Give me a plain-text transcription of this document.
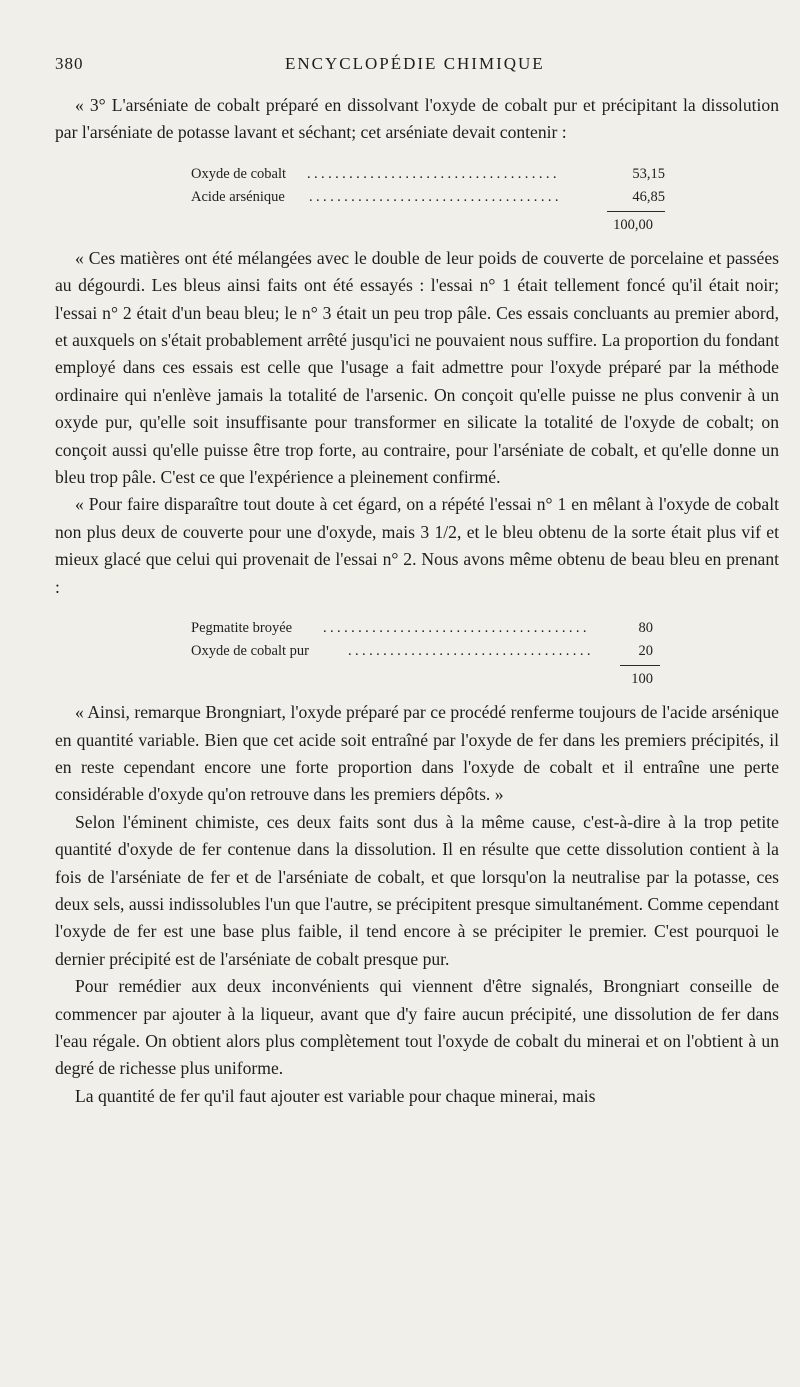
380	ENCYCLOPÉDIE CHIMIQUE

« 3° L'arséniate de cobalt préparé en dissolvant l'oxyde de cobalt pur et précipitant la dissolution par l'arséniate de potasse lavant et séchant; cet arséniate devait contenir :

Oxyde de cobalt ....................................	53,15
Acide arsénique ....................................	46,85
100,00

« Ces matières ont été mélangées avec le double de leur poids de couverte de porcelaine et passées au dégourdi. Les bleus ainsi faits ont été essayés : l'essai n° 1 était tellement foncé qu'il était noir; l'essai n° 2 était d'un beau bleu; le n° 3 était un peu trop pâle. Ces essais concluants au premier abord, et auxquels on s'était probablement arrêté jusqu'ici ne pouvaient nous suffire. La proportion du fondant employé dans ces essais est celle que l'usage a fait admettre pour l'oxyde préparé par la méthode ordinaire qui n'enlève jamais la totalité de l'arsenic. On conçoit qu'elle puisse ne plus convenir à un oxyde pur, qu'elle soit insuffisante pour transformer en silicate la totalité de l'oxyde de cobalt; on conçoit aussi qu'elle puisse être trop forte, au contraire, pour l'arséniate de cobalt, et qu'elle donne un bleu trop pâle. C'est ce que l'expérience a pleinement confirmé.

« Pour faire disparaître tout doute à cet égard, on a répété l'essai n° 1 en mêlant à l'oxyde de cobalt non plus deux de couverte pour une d'oxyde, mais 3 1/2, et le bleu obtenu de la sorte était plus vif et mieux glacé que celui qui provenait de l'essai n° 2. Nous avons même obtenu de beau bleu en prenant :

Pegmatite broyée ......................................	80
Oxyde de cobalt pur	...................................	20
100

« Ainsi, remarque Brongniart, l'oxyde préparé par ce procédé renferme toujours de l'acide arsénique en quantité variable. Bien que cet acide soit entraîné par l'oxyde de fer dans les premiers précipités, il en reste cependant encore une forte proportion dans l'oxyde de cobalt et il entraîne une perte considérable d'oxyde qu'on retrouve dans les premiers dépôts. »

Selon l'éminent chimiste, ces deux faits sont dus à la même cause, c'est-à-dire à la trop petite quantité d'oxyde de fer contenue dans la dissolution. Il en résulte que cette dissolution contient à la fois de l'arséniate de fer et de l'arséniate de cobalt, et que lorsqu'on la neutralise par la potasse, ces deux sels, aussi indissolubles l'un que l'autre, se précipitent presque simultanément. Comme cependant l'oxyde de fer est une base plus faible, il tend encore à se précipiter le premier. C'est pourquoi le dernier précipité est de l'arséniate de cobalt presque pur.

Pour remédier aux deux inconvénients qui viennent d'être signalés, Brongniart conseille de commencer par ajouter à la liqueur, avant que d'y faire aucun précipité, une dissolution de fer dans l'eau régale. On obtient alors plus complètement tout l'oxyde de cobalt du minerai et on l'obtient à un degré de richesse plus uniforme.

La quantité de fer qu'il faut ajouter est variable pour chaque minerai, mais
